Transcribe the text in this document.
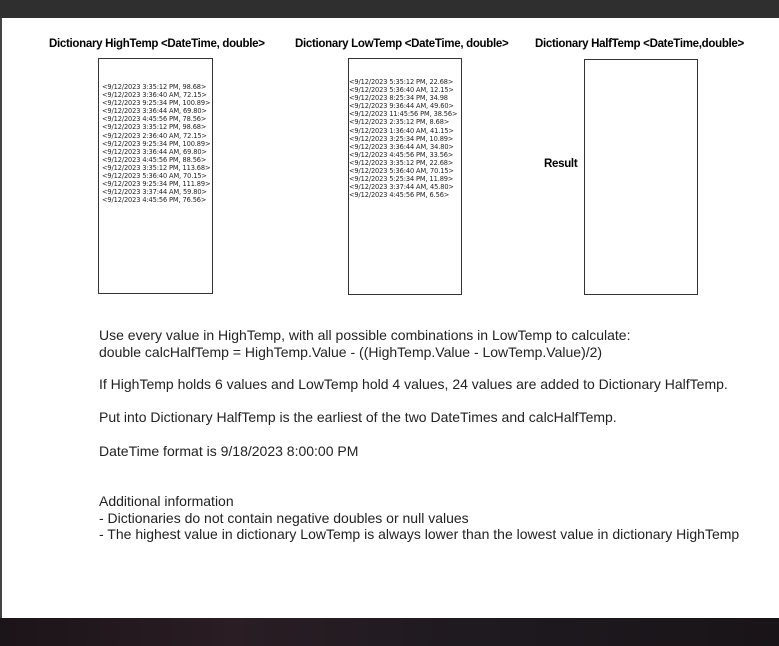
Dictionary HighTemp <DateTime, double>	Dictionary LowTemp <DateTime, double> Dictionary HalfTemp <DateTime,double>
<9/12/2023 3:35:12 PM, 98.68>
<9/12/2023 3:36:40 AM, 72.15>
<9/12/2023 9:25:34 PM, 100.89>
<9/12/2023 3:36:44 AM, 69.80>
<9/12/2023 4:45:56 PM, 78.56>
<9/12/2023 3:35:12 PM, 98.68>
<9/12/2023 2:36:40 AM, 72.15>
<9/12/2023 9:25:34 PM, 100.89>
<9/12/2023 3:36:44 AM, 69.80>
<9/12/2023 4:45:56 PM, 88.56>
<9/12/2023 3:35:12 PM, 113.68>
<9/12/2023 5:36:40 AM, 70.15>
<9/12/2023 9:25:34 PM, 111.89>
<9/12/2023 3:37:44 AM, 59.80>
<9/12/2023 4:45:56 PM, 76.56>
<9/12/2023 5:35:12 PM, 22.68>
<9/12/2023 5:36:40 AM, 12.15>
<9/12/2023 8:25:34 PM, 34.98
<9/12/2023 9:36:44 AM, 49.60>
<9/12/2023 11:45:56 PM, 38.56>
<9/12/2023 2:35:12 PM, 8.68>
<9/12/2023 1:36:40 AM, 41.15>
<9/12/2023 3:25:34 PM, 10.89>
<9/12/2023 3:36:44 AM, 34.80>
<9/12/2023 4:45:56 PM, 33.56>
<9/12/2023 3:35:12 PM, 22.68>
<9/12/2023 5:36:40 AM, 70.15>
<9/12/2023 5:25:34 PM, 11.89>
<9/12/2023 3:37:44 AM, 45.80>
<9/12/2023 4:45:56 PM, 6.56>
Result
Use every value in HighTemp, with all possible combinations in LowTemp to calculate:
double calcHalfTemp = HighTemp.Value - ((HighTemp.Value - LowTemp.Value)/2)
If HighTemp holds 6 values and LowTemp hold 4 values, 24 values are added to Dictionary HalfTemp.
Put into Dictionary HalfTemp is the earliest of the two DateTimes and calcHalfTemp.
DateTime format is 9/18/2023 8:00:00 PM
Additional information
- Dictionaries do not contain negative doubles or null values
- The highest value in dictionary LowTemp is always lower than the lowest value in dictionary HighTemp
